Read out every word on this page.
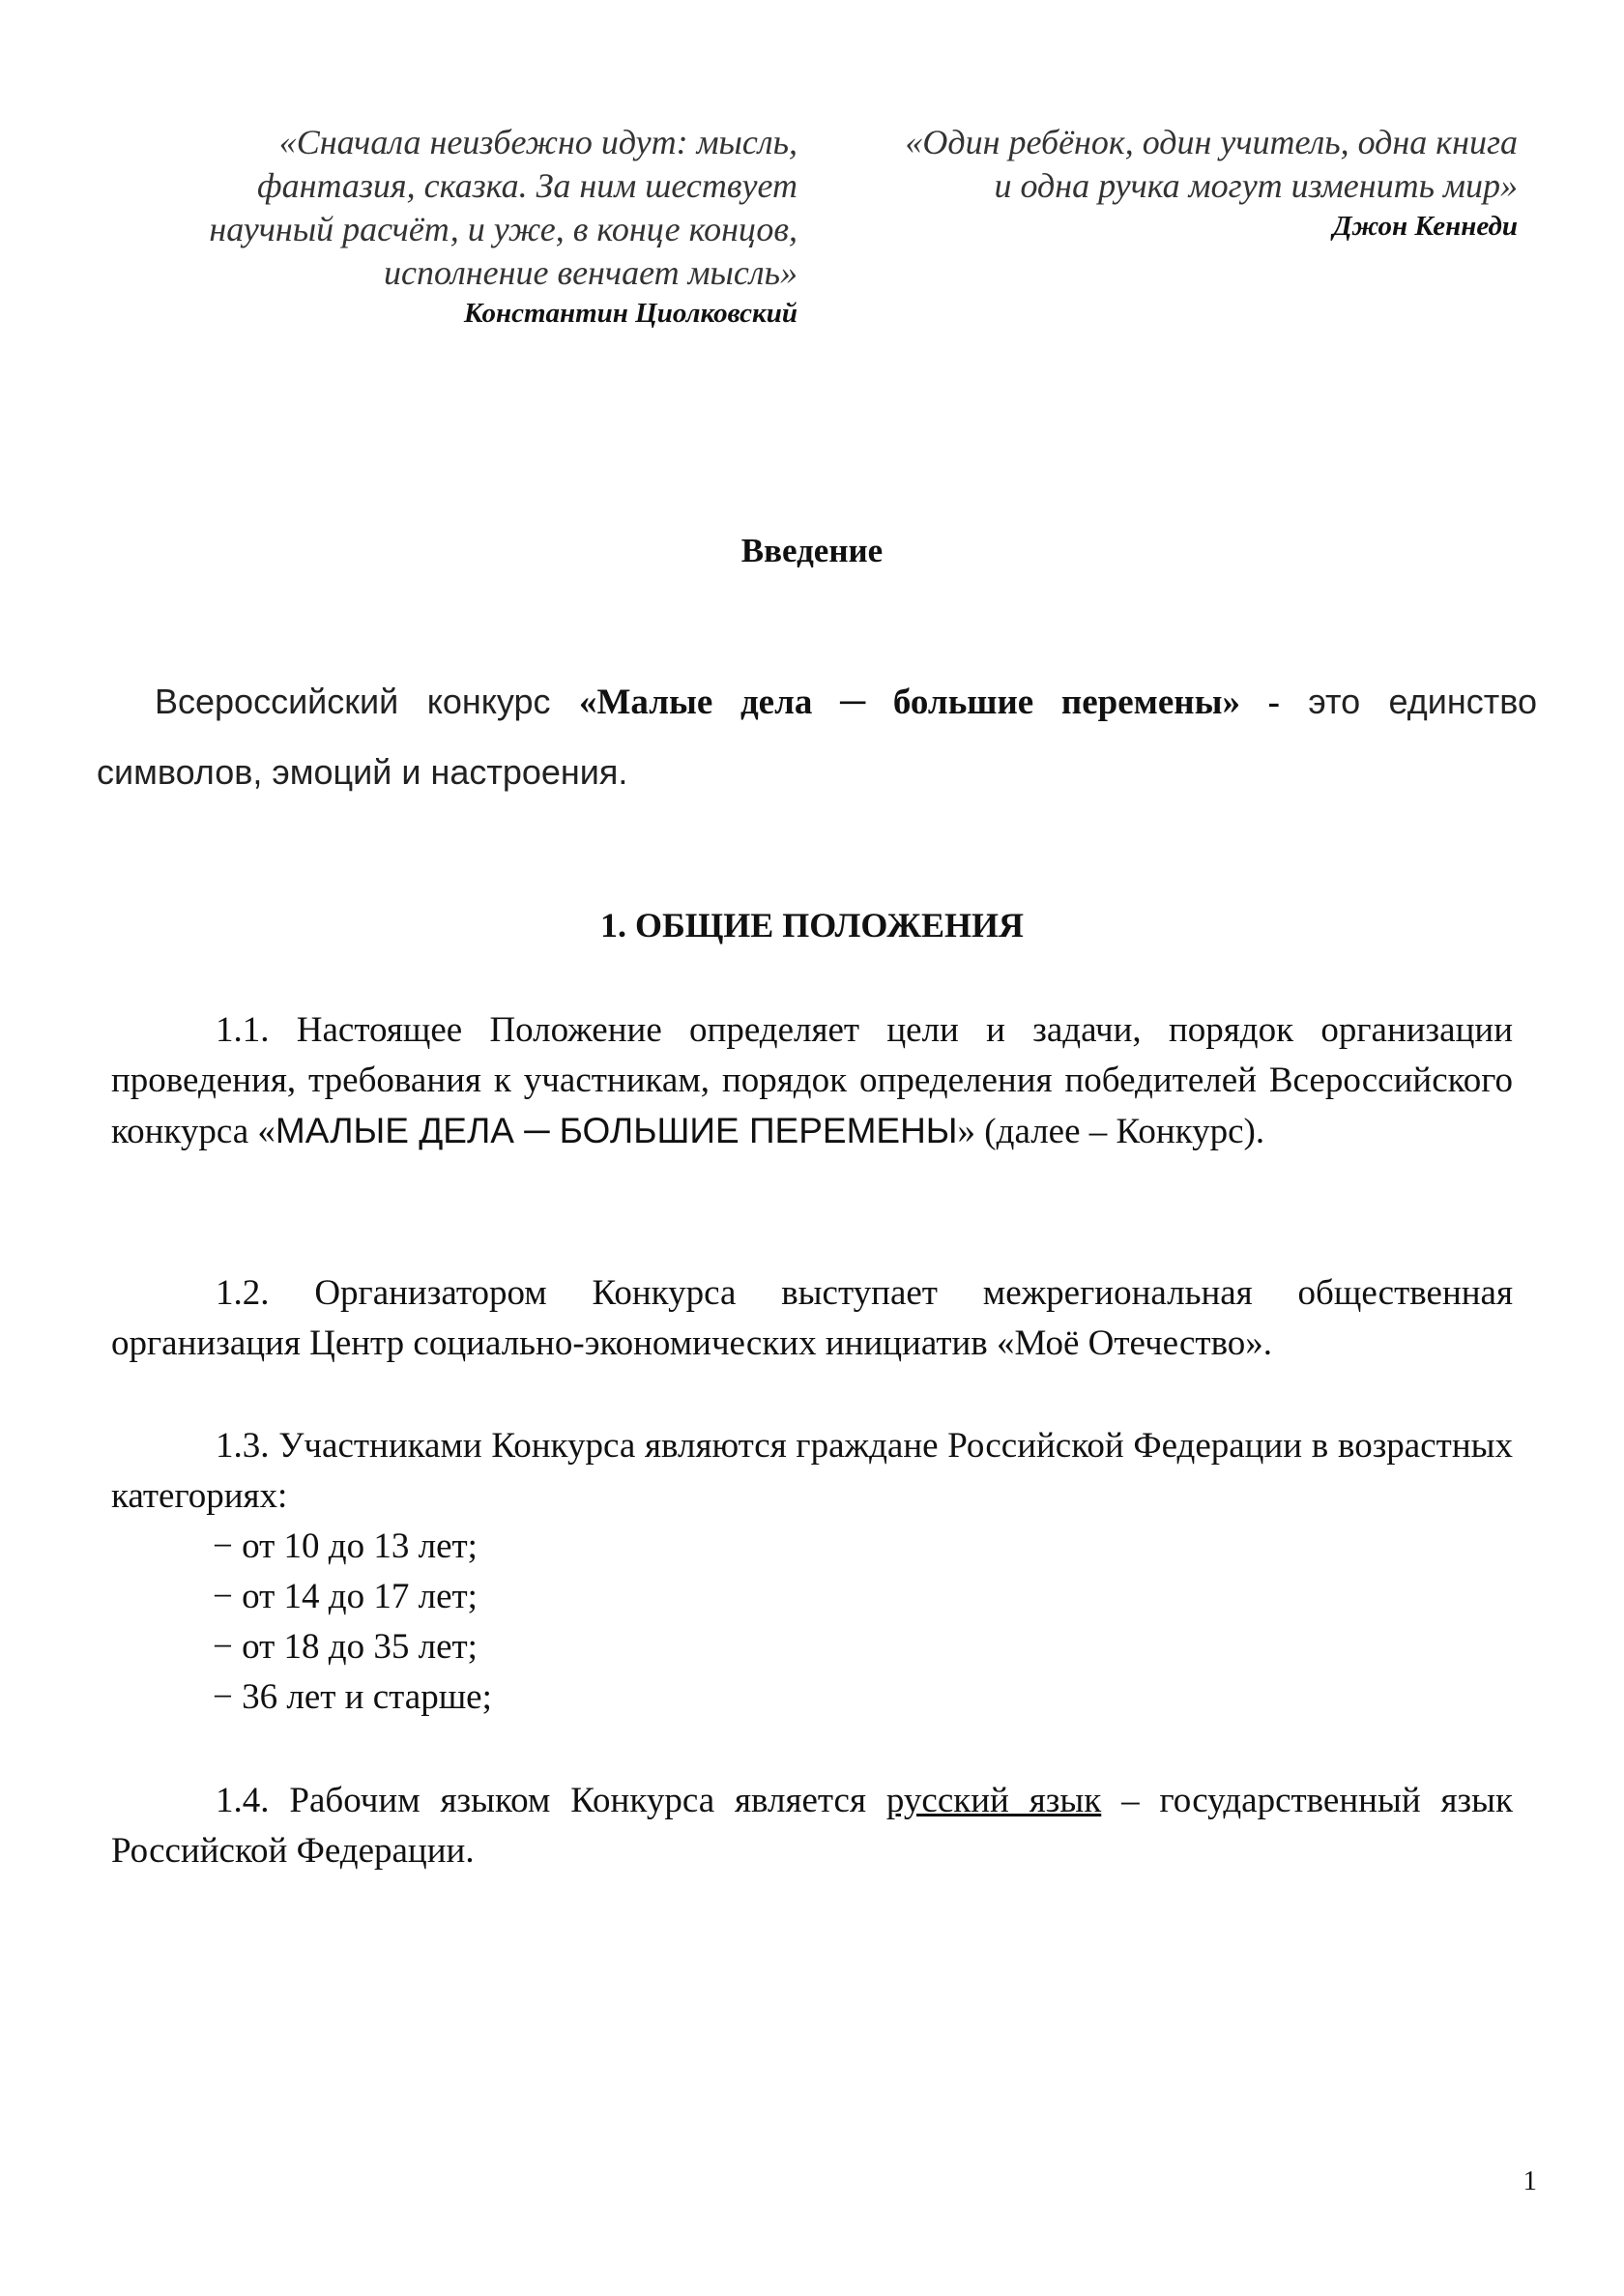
«Сначала неизбежно идут: мысль,
фантазия, сказка. За ним шествует
научный расчёт, и уже, в конце концов,
исполнение венчает мысль»
Константин Циолковский
«Один ребёнок, один учитель, одна книга
и одна ручка могут изменить мир»
Джон Кеннеди
Введение

Всероссийский конкурс «Малые дела ─ большие перемены» - это единство символов, эмоций и настроения.

1. ОБЩИЕ ПОЛОЖЕНИЯ

1.1. Настоящее Положение определяет цели и задачи, порядок организации проведения, требования к участникам, порядок определения победителей Всероссийского конкурса «МАЛЫЕ ДЕЛА ─ БОЛЬШИЕ ПЕРЕМЕНЫ» (далее – Конкурс).

1.2. Организатором Конкурса выступает межрегиональная общественная организация Центр социально-экономических инициатив «Моё Отечество».

1.3. Участниками Конкурса являются граждане Российской Федерации в возрастных категориях:

− от 10 до 13 лет;
− от 14 до 17 лет;
− от 18 до 35 лет;
− 36 лет и старше;

1.4. Рабочим языком Конкурса является русский язык – государственный язык Российской Федерации.

1
